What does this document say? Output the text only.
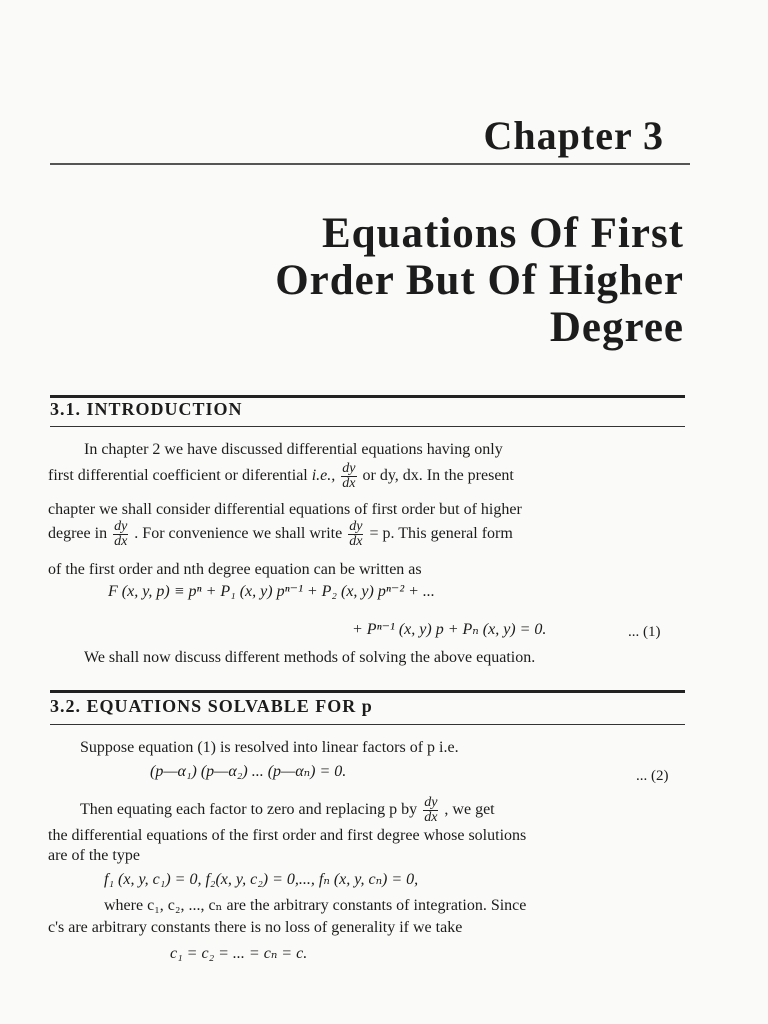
Chapter 3
Equations Of First
Order But Of Higher
Degree
3.1. INTRODUCTION
In chapter 2 we have discussed differential equations having only
first differential coefficient or diferential i.e., $\frac{dy}{dx}$ or dy, dx. In the present
chapter we shall consider differential equations of first order but of higher
degree in $\frac{dy}{dx}$ . For convenience we shall write $\frac{dy}{dx} = p$. This general form
of the first order and nth degree equation can be written as
F (x, y, p) ≡ pⁿ + P₁ (x, y) pⁿ⁻¹ + P₂ (x, y) pⁿ⁻² + ...
+ Pⁿ⁻¹ (x, y) p + Pₙ (x, y) = 0.	... (1)
We shall now discuss different methods of solving the above equation.
3.2. EQUATIONS SOLVABLE FOR p
Suppose equation (1) is resolved into linear factors of p i.e.
(p—α₁) (p—α₂) ... (p—αₙ) = 0.	... (2)
Then equating each factor to zero and replacing p by $\frac{dy}{dx}$ , we get
the differential equations of the first order and first degree whose solutions
are of the type
f₁ (x, y, c₁) = 0, f₂(x, y, c₂) = 0,..., fₙ (x, y, cₙ) = 0,
where c₁, c₂, ..., cₙ are the arbitrary constants of integration. Since
c's are arbitrary constants there is no loss of generality if we take
c₁ = c₂ = ... = cₙ = c.
